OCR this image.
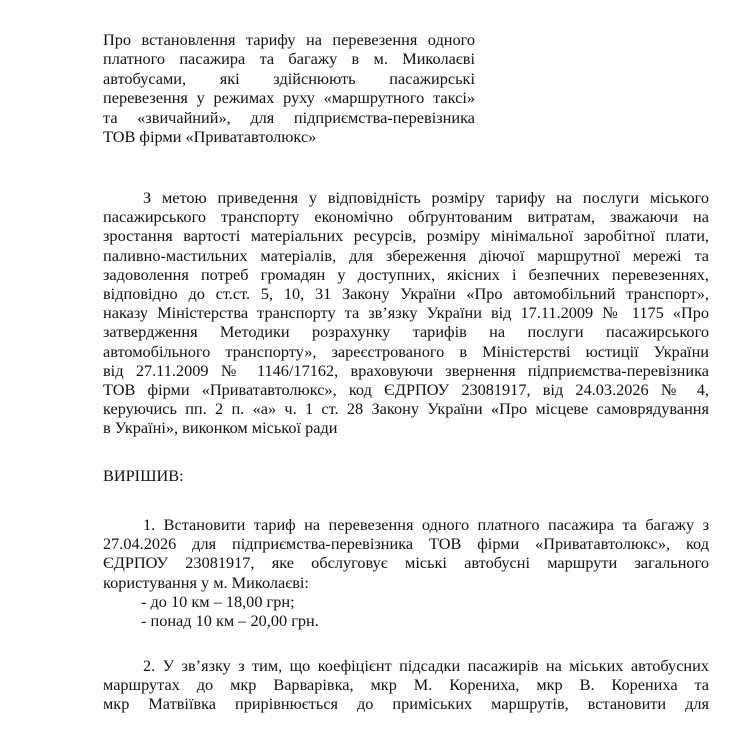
Про встановлення тарифу на перевезення одного
платного пасажира та багажу в м. Миколаєві
автобусами, які здійснюють пасажирські
перевезення у режимах руху «маршрутного таксі»
та «звичайний», для підприємства-перевізника
ТОВ фірми «Приватавтолюкс»
З метою приведення у відповідність розміру тарифу на послуги міського
пасажирського транспорту економічно обґрунтованим витратам, зважаючи на
зростання вартості матеріальних ресурсів, розміру мінімальної заробітної плати,
паливно-мастильних матеріалів, для збереження діючої маршрутної мережі та
задоволення потреб громадян у доступних, якісних і безпечних перевезеннях,
відповідно до ст.ст. 5, 10, 31 Закону України «Про автомобільний транспорт»,
наказу Міністерства транспорту та зв’язку України від 17.11.2009 № 1175 «Про
затвердження Методики розрахунку тарифів на послуги пасажирського
автомобільного транспорту», зареєстрованого в Міністерстві юстиції України
від 27.11.2009 № 1146/17162, враховуючи звернення підприємства-перевізника
ТОВ фірми «Приватавтолюкс», код ЄДРПОУ 23081917, від 24.03.2026 № 4,
керуючись пп. 2 п. «а» ч. 1 ст. 28 Закону України «Про місцеве самоврядування
в Україні», виконком міської ради

ВИРІШИВ:

1. Встановити тариф на перевезення одного платного пасажира та багажу з
27.04.2026 для підприємства-перевізника ТОВ фірми «Приватавтолюкс», код
ЄДРПОУ 23081917, яке обслуговує міські автобусні маршрути загального
користування у м. Миколаєві:
- до 10 км – 18,00 грн;
- понад 10 км – 20,00 грн.
2. У зв’язку з тим, що коефіцієнт підсадки пасажирів на міських автобусних
маршрутах до мкр Варварівка, мкр М. Корениха, мкр В. Корениха та
мкр Матвіївка прирівнюється до приміських маршрутів, встановити для
